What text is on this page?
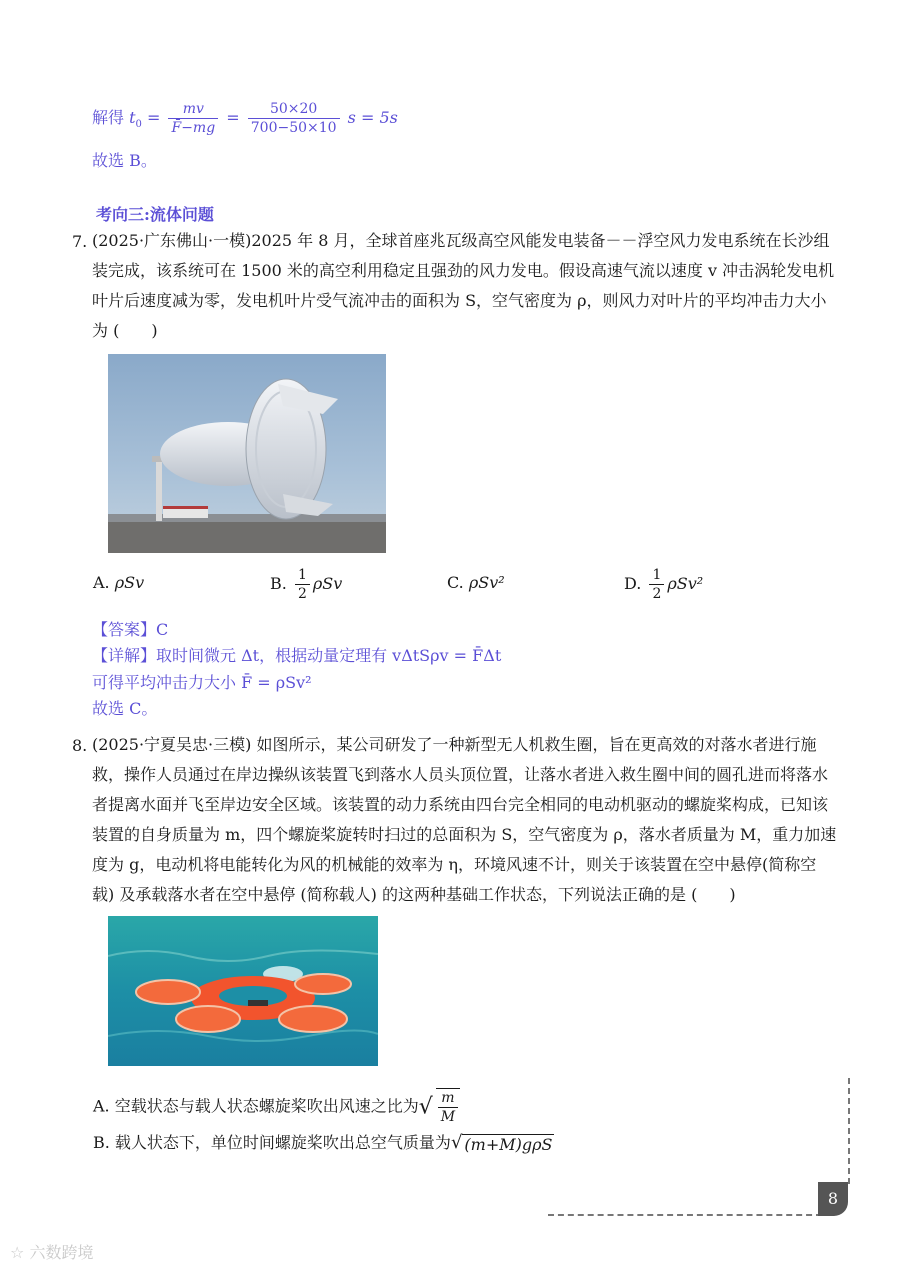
解得 $t_0 = \frac{mv}{F̄-mg} = \frac{50\times 20}{700-50\times 10}$ s = 5s
故选 B。
考向三:流体问题
7. (2025·广东佛山·一模)2025 年 8 月，全球首座兆瓦级高空风能发电装备－－浮空风力发电系统在长沙组装完成，该系统可在 1500 米的高空利用稳定且强劲的风力发电。假设高速气流以速度 v 冲击涡轮发电机叶片后速度减为零，发电机叶片受气流冲击的面积为 S，空气密度为 ρ，则风力对叶片的平均冲击力大小为 (　　)
A. ρSv	B. $\frac{1}{2}$ ρSv	C. ρSv²	D. $\frac{1}{2} \rho Sv^2$
【答案】C
【详解】取时间微元 Δt，根据动量定理有 vΔtSρv = F̄Δt
可得平均冲击力大小 F̄ = ρSv²
故选 C。
8. (2025·宁夏吴忠·三模) 如图所示，某公司研发了一种新型无人机救生圈，旨在更高效的对落水者进行施救，操作人员通过在岸边操纵该装置飞到落水人员头顶位置，让落水者进入救生圈中间的圆孔进而将落水者提离水面并飞至岸边安全区域。该装置的动力系统由四台完全相同的电动机驱动的螺旋桨构成，已知该装置的自身质量为 m，四个螺旋桨旋转时扫过的总面积为 S，空气密度为 ρ，落水者质量为 M，重力加速度为 g，电动机将电能转化为风的机械能的效率为 η，环境风速不计，则关于该装置在空中悬停(简称空载) 及承载落水者在空中悬停 (简称载人) 的这两种基础工作状态，下列说法正确的是 (　　)
A. 空载状态与载人状态螺旋桨吹出风速之比为√ $\frac{m}{M}$
B. 载人状态下，单位时间螺旋桨吹出总空气质量为√ (m+M)gρS
8
☆ 六数跨境
